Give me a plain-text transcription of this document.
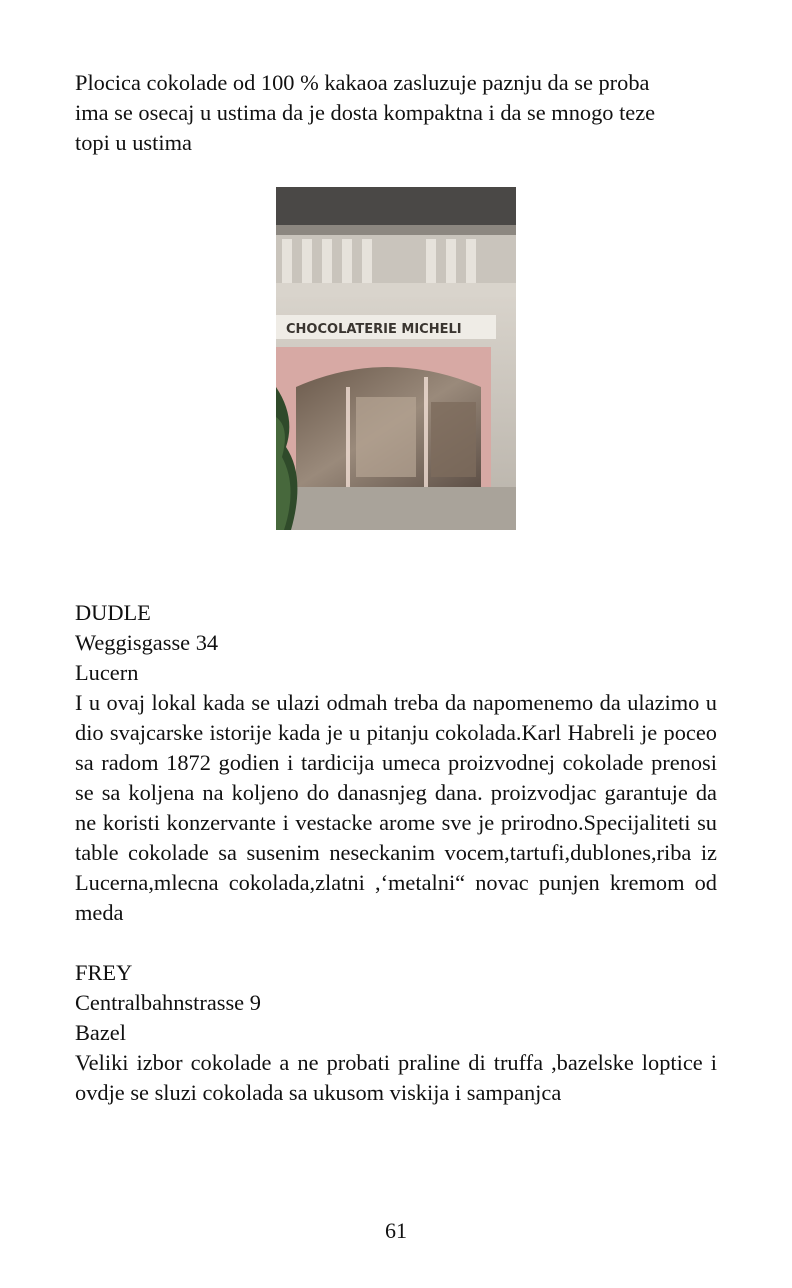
Plocica cokolade od 100 % kakaoa zasluzuje paznju da se proba
ima se osecaj u ustima da je dosta kompaktna i da se mnogo teze
topi u ustima
CHOCOLATERIE MICHELI
DUDLE
Weggisgasse 34
Lucern

I u ovaj lokal kada se ulazi odmah treba da napomenemo da ulazimo u dio svajcarske istorije kada je u pitanju cokolada.Karl Habreli je poceo sa radom 1872 godien i tardicija umeca proizvodnej cokolade prenosi se sa koljena na koljeno do danasnjeg dana. proizvodjac garantuje da ne koristi konzervante i vestacke arome sve je prirodno.Specijaliteti su table cokolade sa susenim neseckanim vocem,tartufi,dublones,riba iz Lucerna,mlecna cokolada,zlatni ,‘metalni“ novac punjen kremom od meda

FREY
Centralbahnstrasse 9
Bazel

Veliki izbor cokolade a ne probati praline di truffa ,bazelske loptice i ovdje se sluzi cokolada sa ukusom viskija i sampanjca

61
